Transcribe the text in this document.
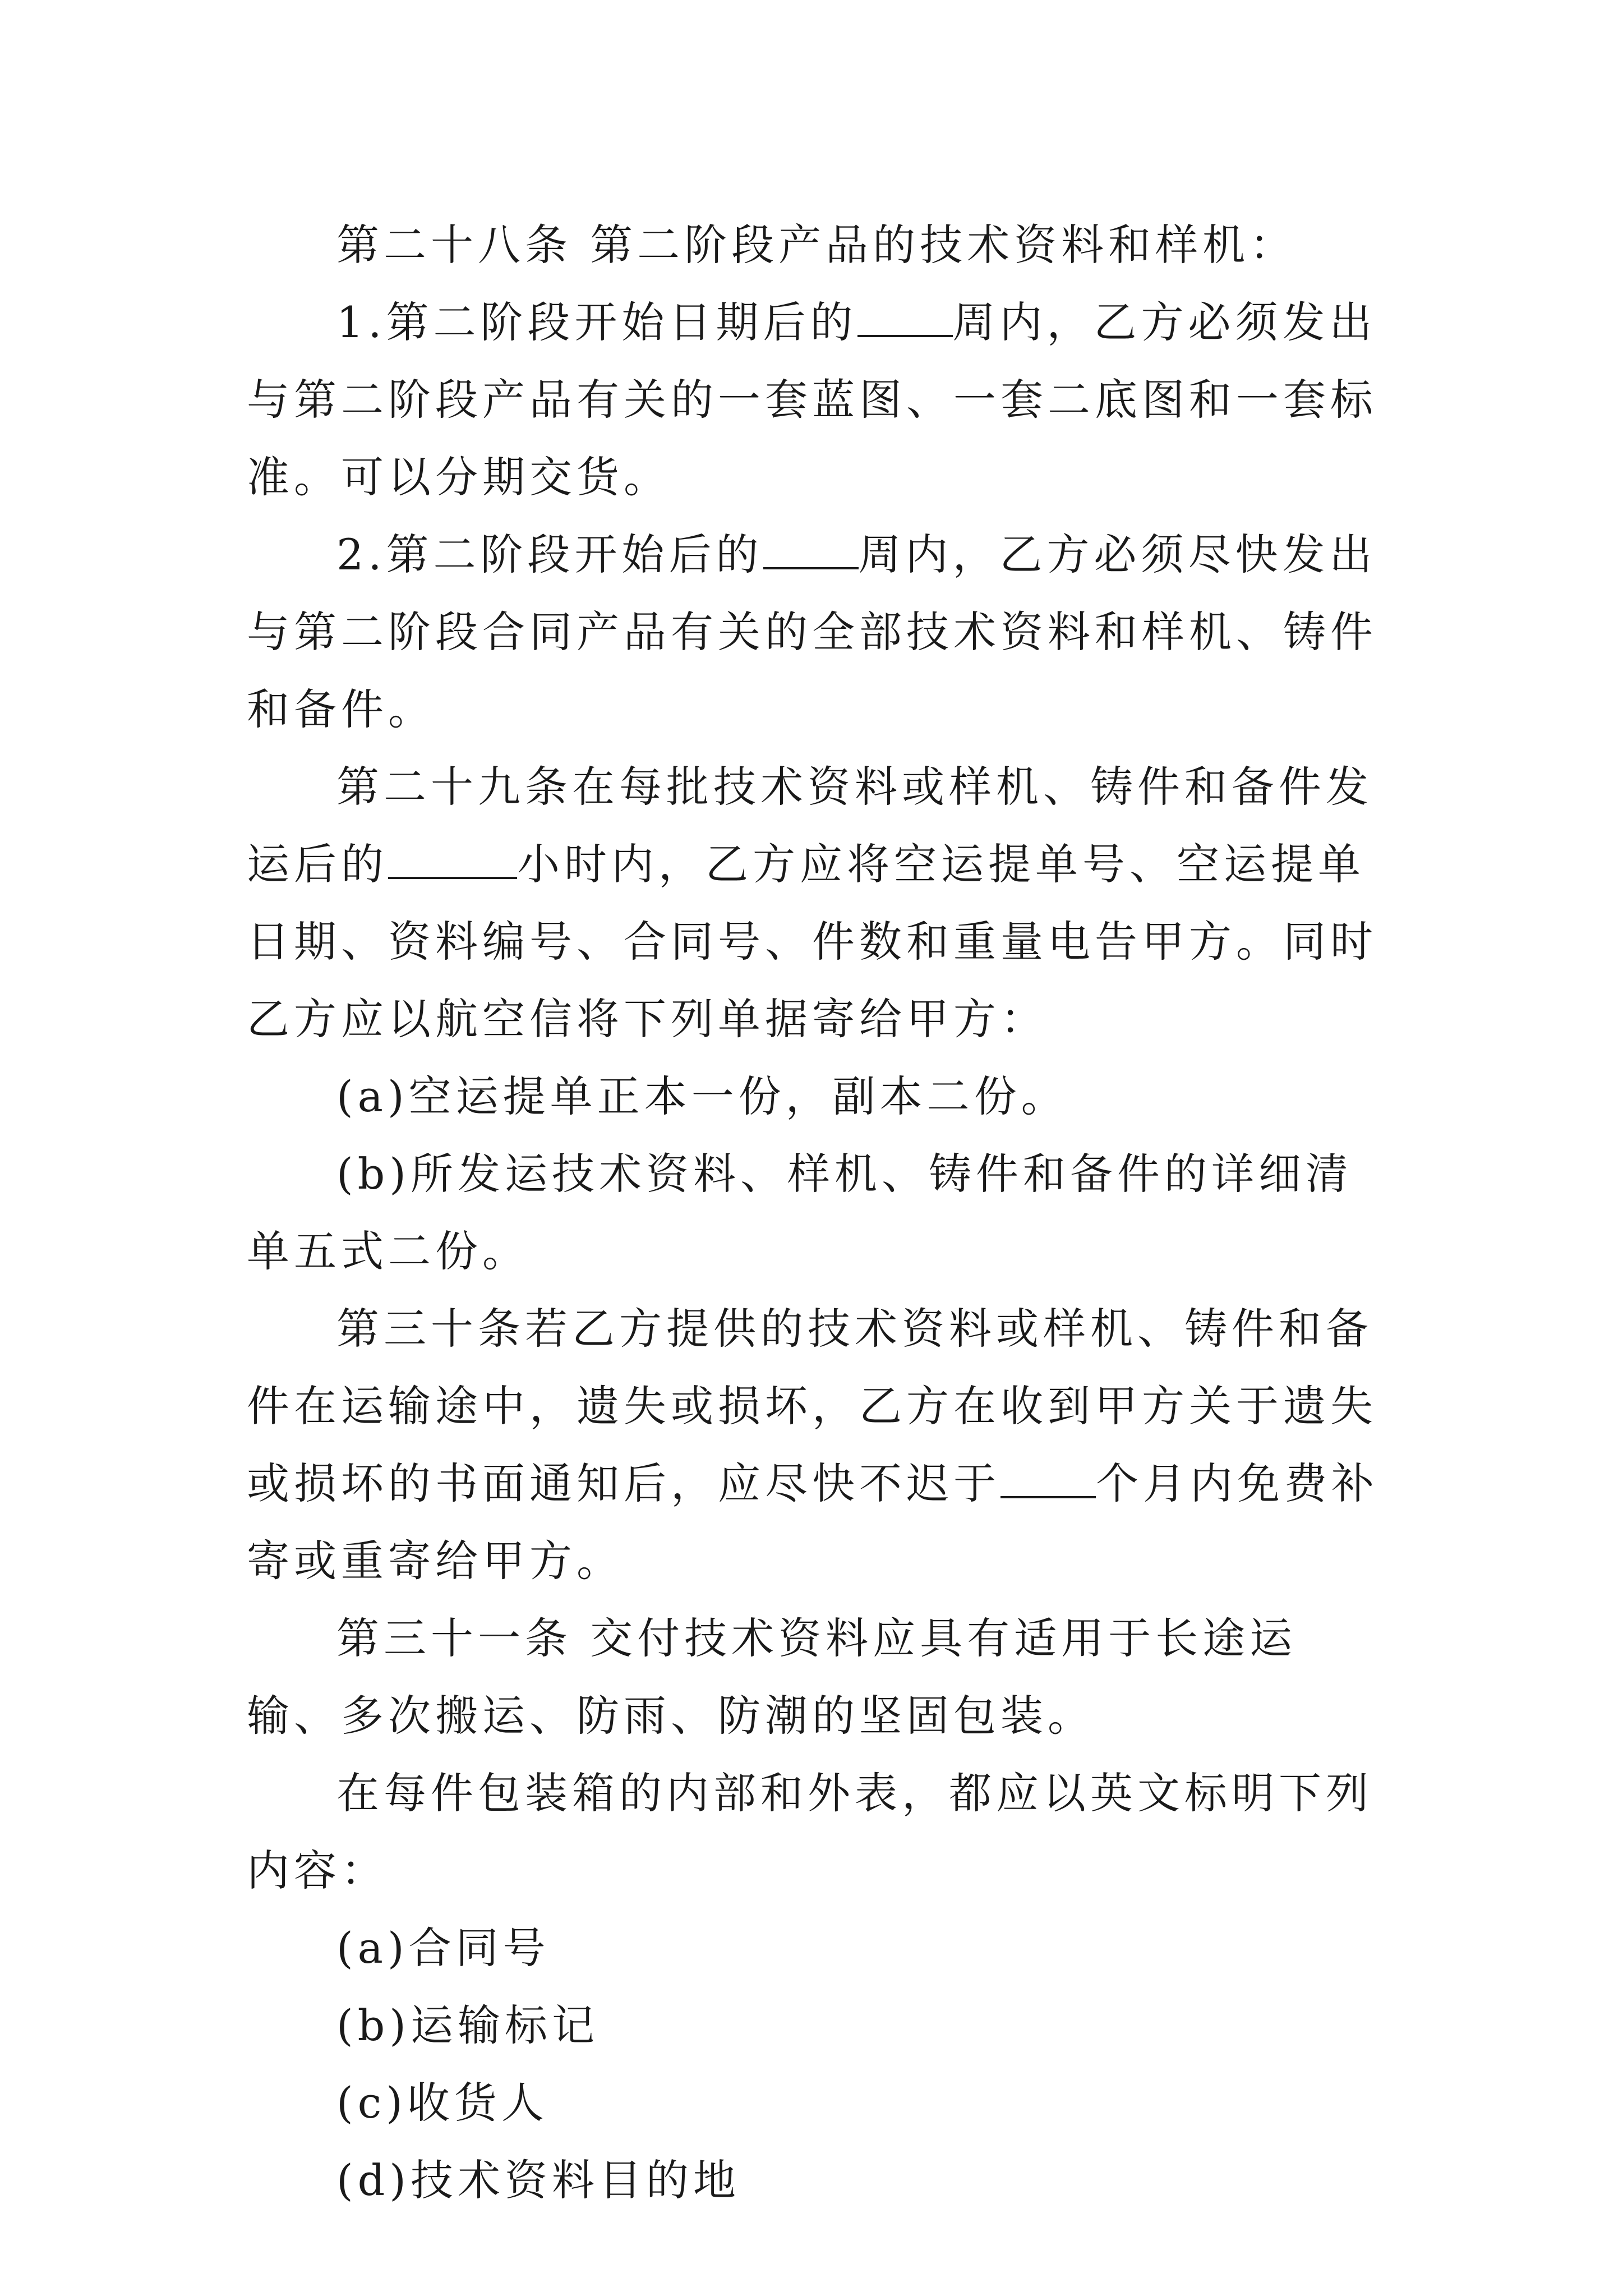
第二十八条 第二阶段产品的技术资料和样机：

1.第二阶段开始日期后的 周内，乙方必须发出与第二阶段产品有关的一套蓝图、一套二底图和一套标准。可以分期交货。

2.第二阶段开始后的 周内，乙方必须尽快发出与第二阶段合同产品有关的全部技术资料和样机、铸件和备件。

第二十九条在每批技术资料或样机、铸件和备件发运后的	小时内，乙方应将空运提单号、空运提单日期、资料编号、合同号、件数和重量电告甲方。同时乙方应以航空信将下列单据寄给甲方：

(a)空运提单正本一份，副本二份。

(b)所发运技术资料、样机、铸件和备件的详细清单五式二份。

第三十条若乙方提供的技术资料或样机、铸件和备件在运输途中，遗失或损坏，乙方在收到甲方关于遗失或损坏的书面通知后，应尽快不迟于 个月内免费补寄或重寄给甲方。

第三十一条 交付技术资料应具有适用于长途运输、多次搬运、防雨、防潮的坚固包装。

在每件包装箱的内部和外表，都应以英文标明下列内容：

(a)合同号

(b)运输标记

(c)收货人

(d)技术资料目的地
